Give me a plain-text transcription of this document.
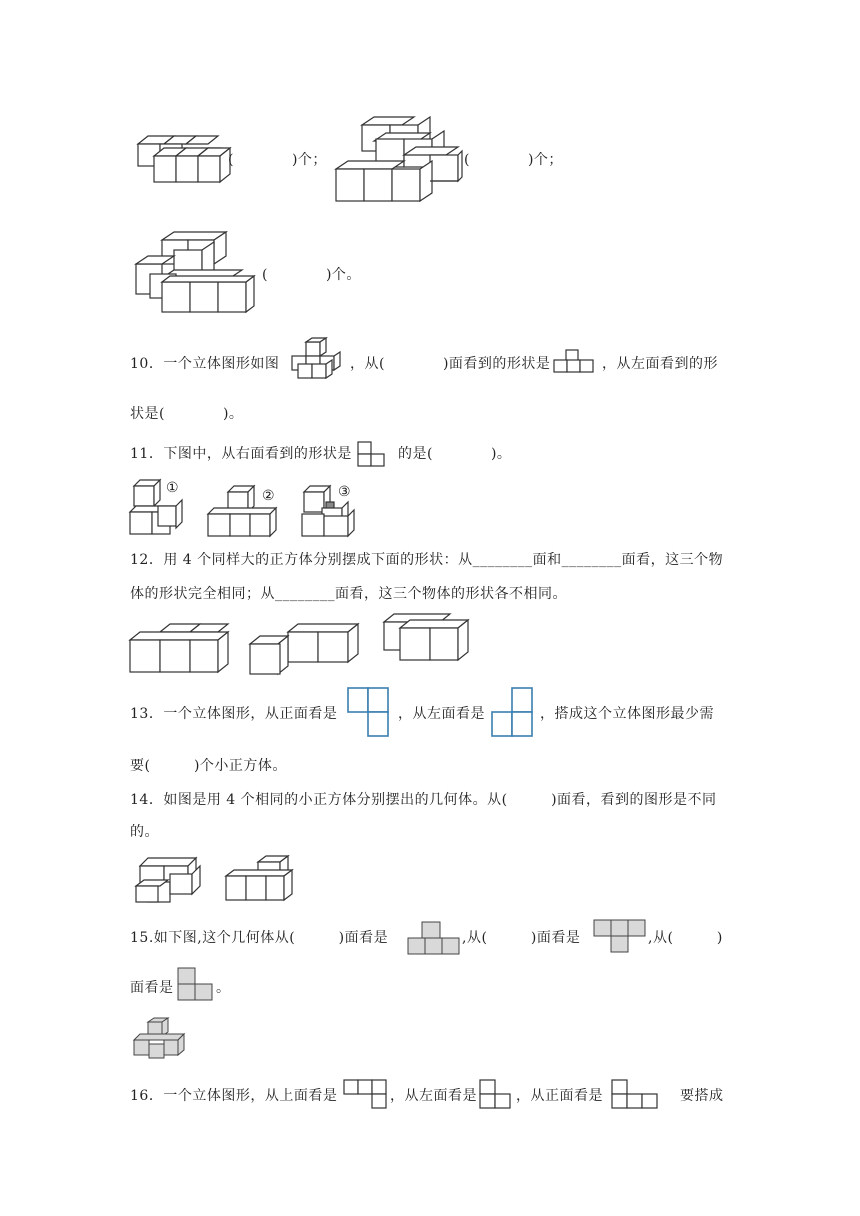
(　　　　)个；	(　　　　)个；
(　　　　)个。
10．一个立体图形如图	，从(　　　　)面看到的形状是	，从左面看到的形
状是(　　　　)。
11．下图中，从右面看到的形状是	的是(　　　　)。
①	②	③
12．用 4 个同样大的正方体分别摆成下面的形状：从________面和________面看，这三个物
体的形状完全相同；从________面看，这三个物体的形状各不相同。
13．一个立体图形，从正面看是	，从左面看是	，搭成这个立体图形最少需
要(　　　)个小正方体。
14．如图是用 4 个相同的小正方体分别摆出的几何体。从(　　　)面看，看到的图形是不同
的。
15.如下图,这个几何体从(　　　)面看是	,从(　　　)面看是	,从(　　　)
面看是	。
16．一个立体图形，从上面看是	，从左面看是	，从正面看是	要搭成
